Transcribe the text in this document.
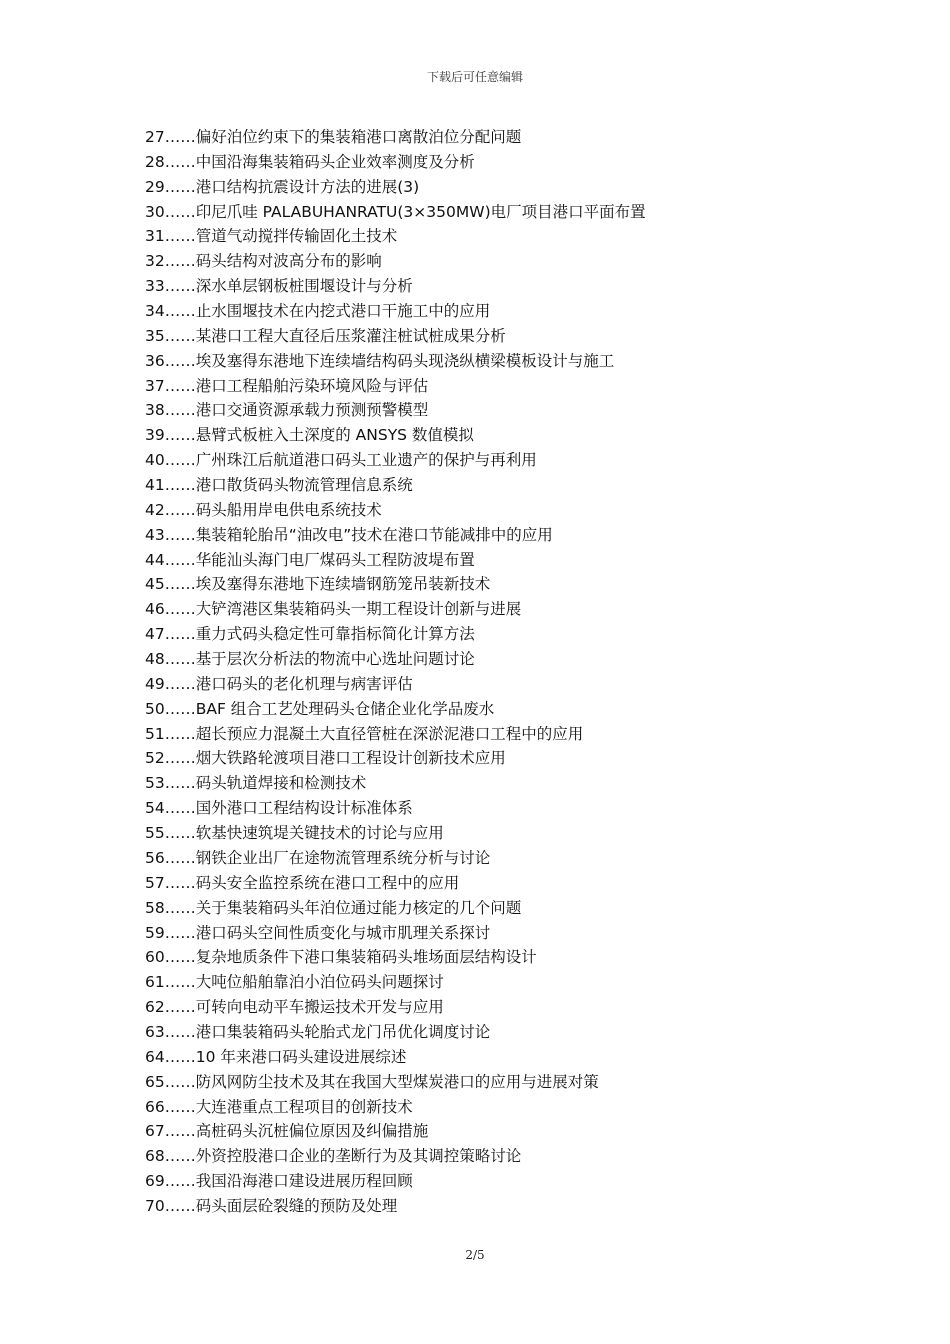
下载后可任意编辑
27……偏好泊位约束下的集装箱港口离散泊位分配问题
28……中国沿海集装箱码头企业效率测度及分析
29……港口结构抗震设计方法的进展(3)
30……印尼爪哇 PALABUHANRATU(3×350MW)电厂项目港口平面布置
31……管道气动搅拌传输固化土技术
32……码头结构对波高分布的影响
33……深水单层钢板桩围堰设计与分析
34……止水围堰技术在内挖式港口干施工中的应用
35……某港口工程大直径后压浆灌注桩试桩成果分析
36……埃及塞得东港地下连续墙结构码头现浇纵横梁模板设计与施工
37……港口工程船舶污染环境风险与评估
38……港口交通资源承载力预测预警模型
39……悬臂式板桩入土深度的 ANSYS 数值模拟
40……广州珠江后航道港口码头工业遗产的保护与再利用
41……港口散货码头物流管理信息系统
42……码头船用岸电供电系统技术
43……集装箱轮胎吊“油改电”技术在港口节能减排中的应用
44……华能汕头海门电厂煤码头工程防波堤布置
45……埃及塞得东港地下连续墙钢筋笼吊装新技术
46……大铲湾港区集装箱码头一期工程设计创新与进展
47……重力式码头稳定性可靠指标简化计算方法
48……基于层次分析法的物流中心选址问题讨论
49……港口码头的老化机理与病害评估
50……BAF 组合工艺处理码头仓储企业化学品废水
51……超长预应力混凝土大直径管桩在深淤泥港口工程中的应用
52……烟大铁路轮渡项目港口工程设计创新技术应用
53……码头轨道焊接和检测技术
54……国外港口工程结构设计标准体系
55……软基快速筑堤关键技术的讨论与应用
56……钢铁企业出厂在途物流管理系统分析与讨论
57……码头安全监控系统在港口工程中的应用
58……关于集装箱码头年泊位通过能力核定的几个问题
59……港口码头空间性质变化与城市肌理关系探讨
60……复杂地质条件下港口集装箱码头堆场面层结构设计
61……大吨位船舶靠泊小泊位码头问题探讨
62……可转向电动平车搬运技术开发与应用
63……港口集装箱码头轮胎式龙门吊优化调度讨论
64……10 年来港口码头建设进展综述
65……防风网防尘技术及其在我国大型煤炭港口的应用与进展对策
66……大连港重点工程项目的创新技术
67……高桩码头沉桩偏位原因及纠偏措施
68……外资控股港口企业的垄断行为及其调控策略讨论
69……我国沿海港口建设进展历程回顾
70……码头面层砼裂缝的预防及处理
2/5
